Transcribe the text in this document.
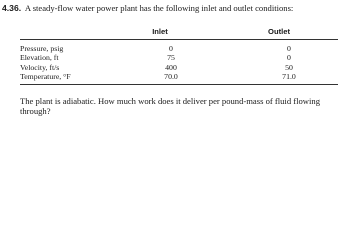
4.36. A steady-flow water power plant has the following inlet and outlet conditions:
	Inlet	Outlet
Pressure, psig	0	0
Elevation, ft	75	0
Velocity, ft/s	400	50
Temperature, °F	70.0	71.0
The plant is adiabatic. How much work does it deliver per pound-mass of fluid flowing through?
